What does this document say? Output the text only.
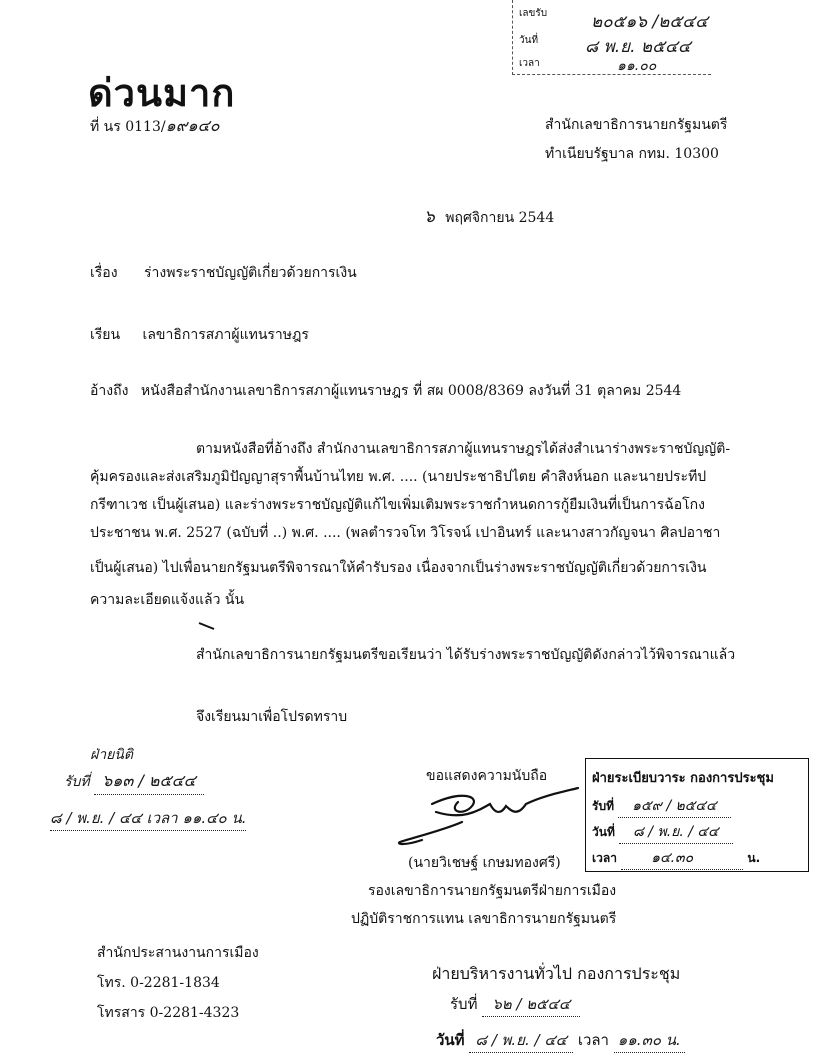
เลขรับ	๒๐๕๑๖ /๒๕๔๔
วันที่	๘ พ.ย. ๒๕๔๔
เวลา	๑๑.๐๐
ด่วนมาก
ที่ นร 0113/๑๙๑๔๐	สำนักเลขาธิการนายกรัฐมนตรี
ทำเนียบรัฐบาล กทม. 10300
๖ พฤศจิกายน 2544
เรื่อง ร่างพระราชบัญญัติเกี่ยวด้วยการเงิน
เรียน เลขาธิการสภาผู้แทนราษฎร
อ้างถึง หนังสือสำนักงานเลขาธิการสภาผู้แทนราษฎร ที่ สผ 0008/8369 ลงวันที่ 31 ตุลาคม 2544
ตามหนังสือที่อ้างถึง สำนักงานเลขาธิการสภาผู้แทนราษฎรได้ส่งสำเนาร่างพระราชบัญญัติ-
คุ้มครองและส่งเสริมภูมิปัญญาสุราพื้นบ้านไทย พ.ศ. .... (นายประชาธิปไตย คำสิงห์นอก และนายประทีป
กรีฑาเวช เป็นผู้เสนอ) และร่างพระราชบัญญัติแก้ไขเพิ่มเติมพระราชกำหนดการกู้ยืมเงินที่เป็นการฉ้อโกง
ประชาชน พ.ศ. 2527 (ฉบับที่ ..) พ.ศ. .... (พลตำรวจโท วิโรจน์ เปาอินทร์ และนางสาวกัญจนา ศิลปอาชา
เป็นผู้เสนอ) ไปเพื่อนายกรัฐมนตรีพิจารณาให้คำรับรอง เนื่องจากเป็นร่างพระราชบัญญัติเกี่ยวด้วยการเงิน
ความละเอียดแจ้งแล้ว นั้น
สำนักเลขาธิการนายกรัฐมนตรีขอเรียนว่า ได้รับร่างพระราชบัญญัติดังกล่าวไว้พิจารณาแล้ว
จึงเรียนมาเพื่อโปรดทราบ
ฝ่ายนิติ
รับที่ ๖๑๓ / ๒๕๔๔
๘ / พ.ย. / ๔๔ เวลา ๑๑.๔๐ น.
ขอแสดงความนับถือ
(นายวิเชษฐ์ เกษมทองศรี)
รองเลขาธิการนายกรัฐมนตรีฝ่ายการเมือง
ปฏิบัติราชการแทน เลขาธิการนายกรัฐมนตรี
ฝ่ายระเบียบวาระ กองการประชุม
รับที่ ๑๕๙ / ๒๕๔๔
วันที่ ๘ / พ.ย. / ๔๔
เวลา ๑๔.๓๐	น.
สำนักประสานงานการเมือง
โทร. 0-2281-1834
โทรสาร 0-2281-4323
ฝ่ายบริหารงานทั่วไป กองการประชุม
รับที่ ๖๒ / ๒๕๔๔
วันที่ ๘ / พ.ย. / ๔๔ เวลา ๑๑.๓๐ น.
